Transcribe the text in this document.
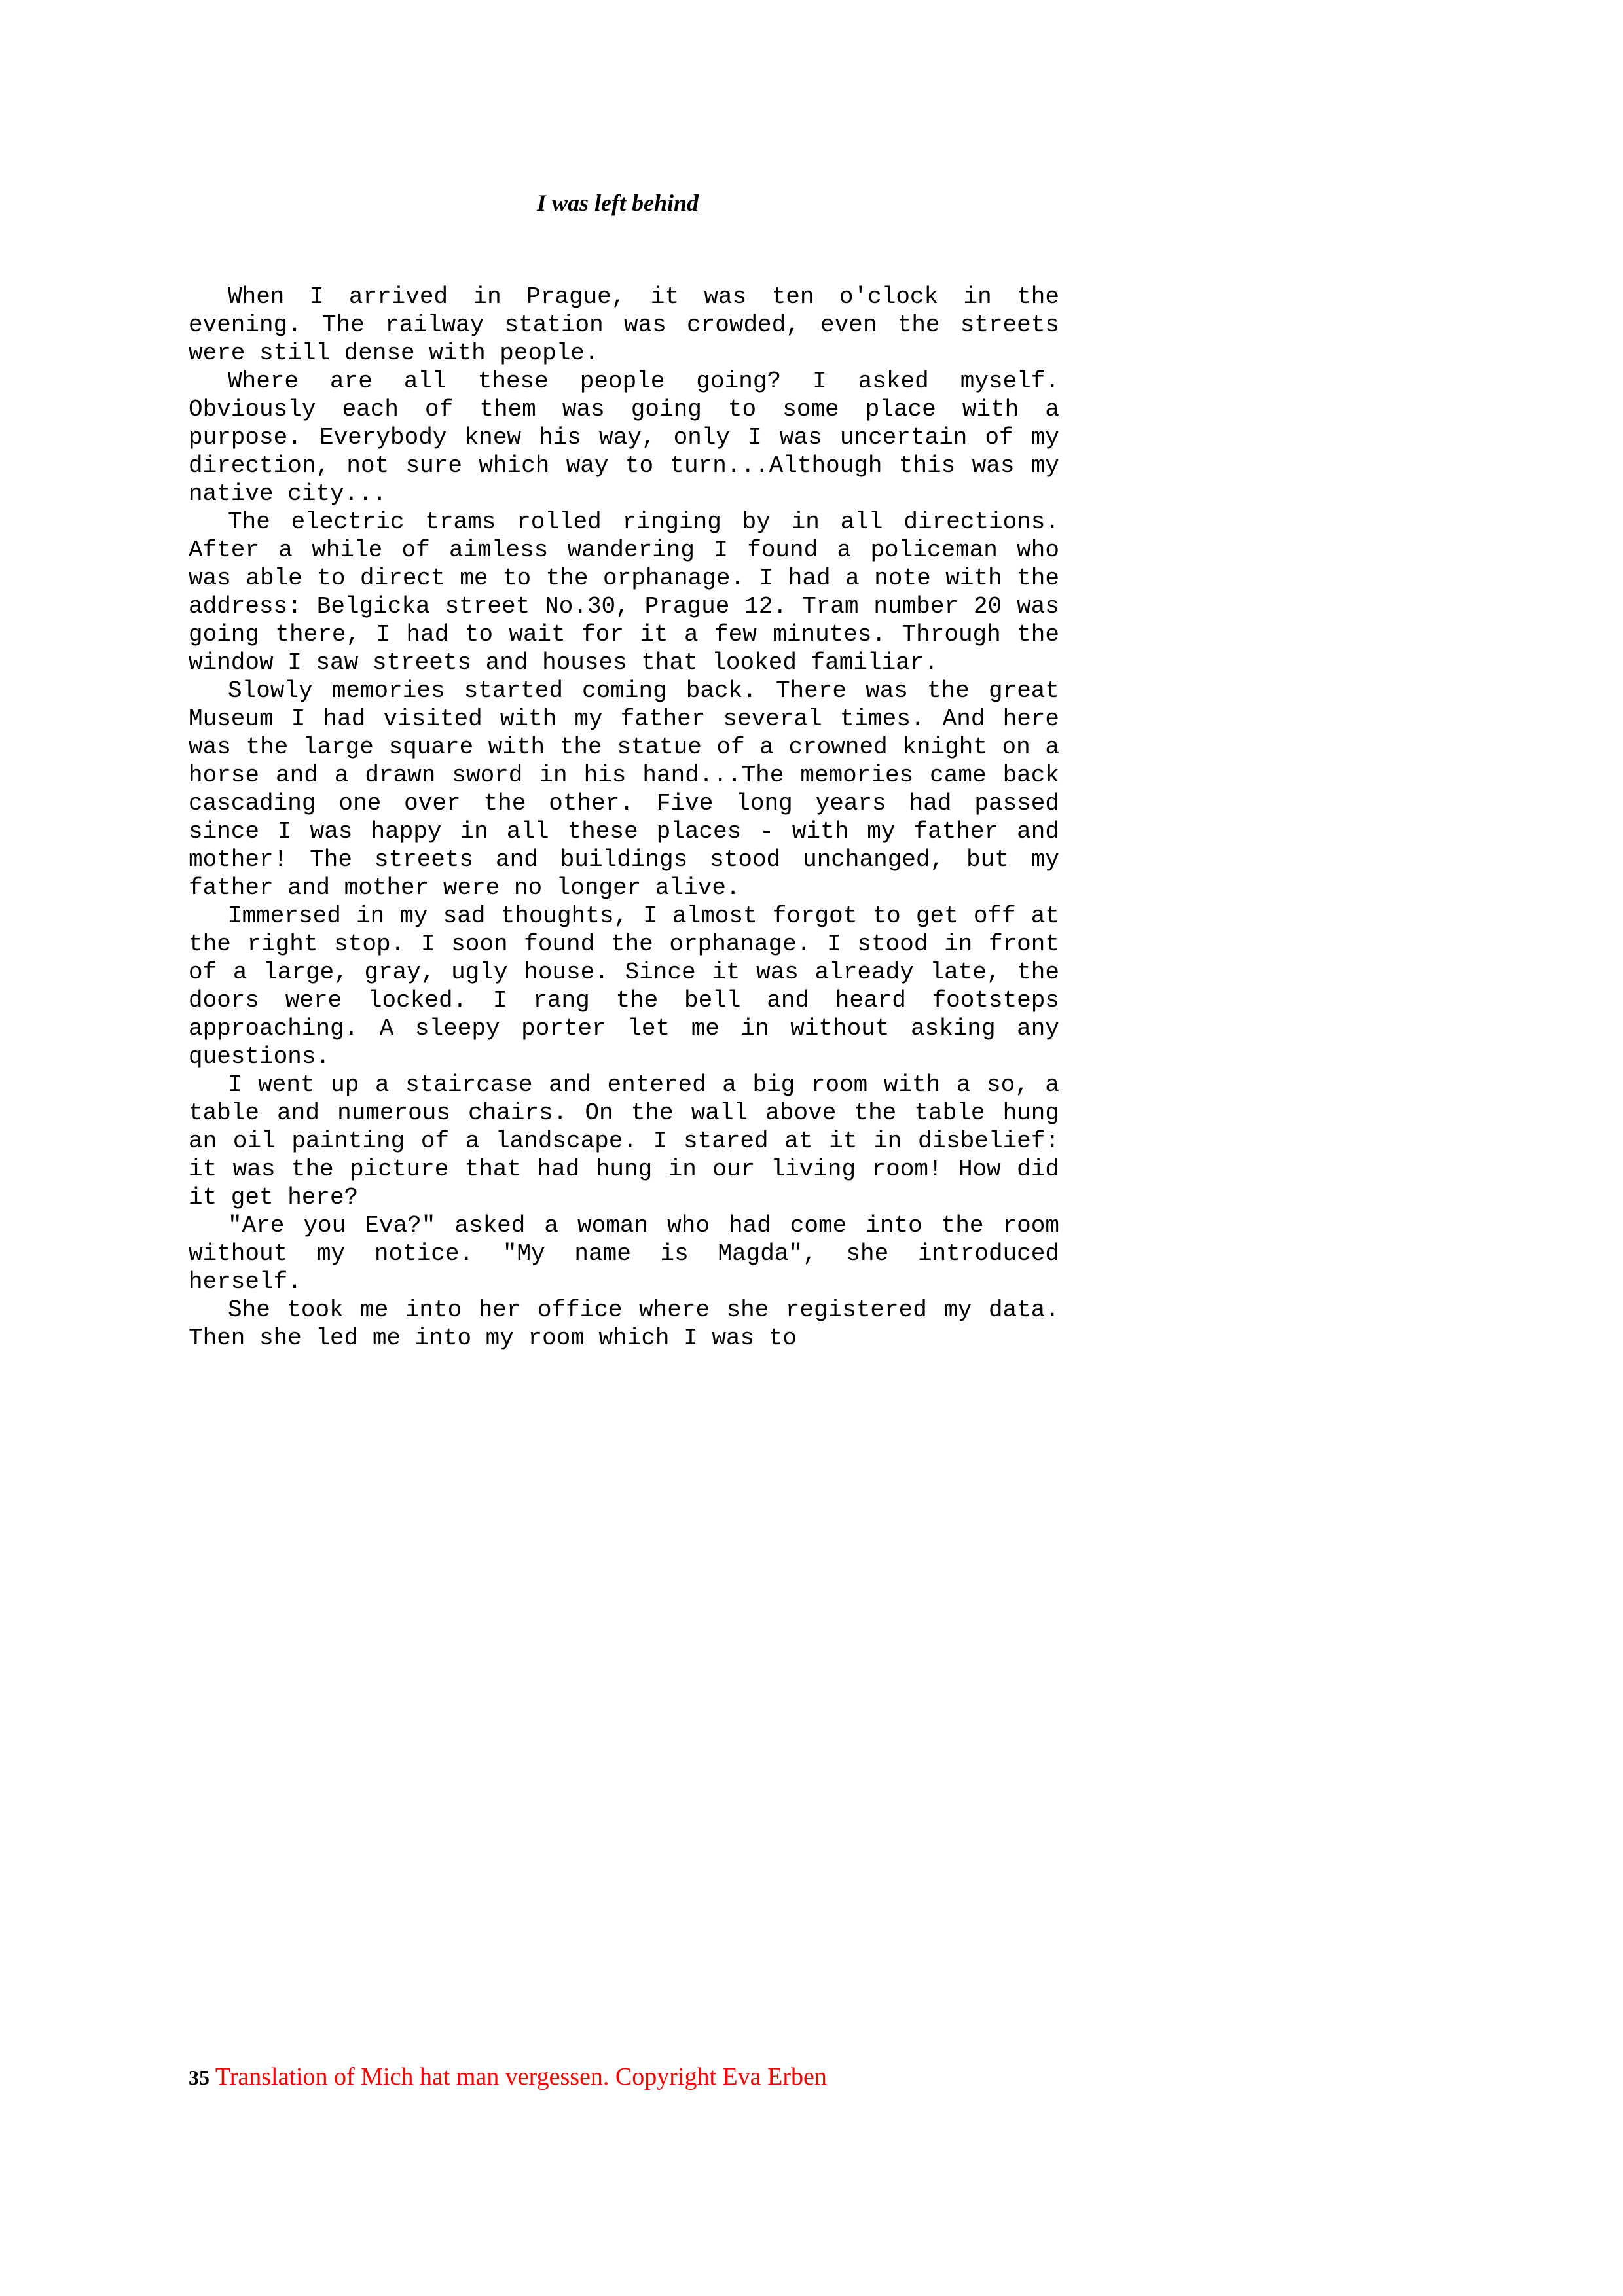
I was left behind

When I arrived in Prague, it was ten o'clock in the evening. The railway station was crowded, even the streets were still dense with people.

Where are all these people going? I asked myself. Obviously each of them was going to some place with a purpose. Everybody knew his way, only I was uncertain of my direction, not sure which way to turn...Although this was my native city...

The electric trams rolled ringing by in all directions. After a while of aimless wandering I found a policeman who was able to direct me to the orphanage. I had a note with the address: Belgicka street No.30, Prague 12. Tram number 20 was going there, I had to wait for it a few minutes. Through the window I saw streets and houses that looked familiar.

Slowly memories started coming back. There was the great Museum I had visited with my father several times. And here was the large square with the statue of a crowned knight on a horse and a drawn sword in his hand...The memories came back cascading one over the other. Five long years had passed since I was happy in all these places - with my father and mother! The streets and buildings stood unchanged, but my father and mother were no longer alive.

Immersed in my sad thoughts, I almost forgot to get off at the right stop. I soon found the orphanage. I stood in front of a large, gray, ugly house. Since it was already late, the doors were locked. I rang the bell and heard footsteps approaching. A sleepy porter let me in without asking any questions.

I went up a staircase and entered a big room with a so, a table and numerous chairs. On the wall above the table hung an oil painting of a landscape. I stared at it in disbelief: it was the picture that had hung in our living room! How did it get here?

"Are you Eva?" asked a woman who had come into the room without my notice. "My name is Magda", she introduced herself.

She took me into her office where she registered my data. Then she led me into my room which I was to

35 Translation of Mich hat man vergessen. Copyright Eva Erben
